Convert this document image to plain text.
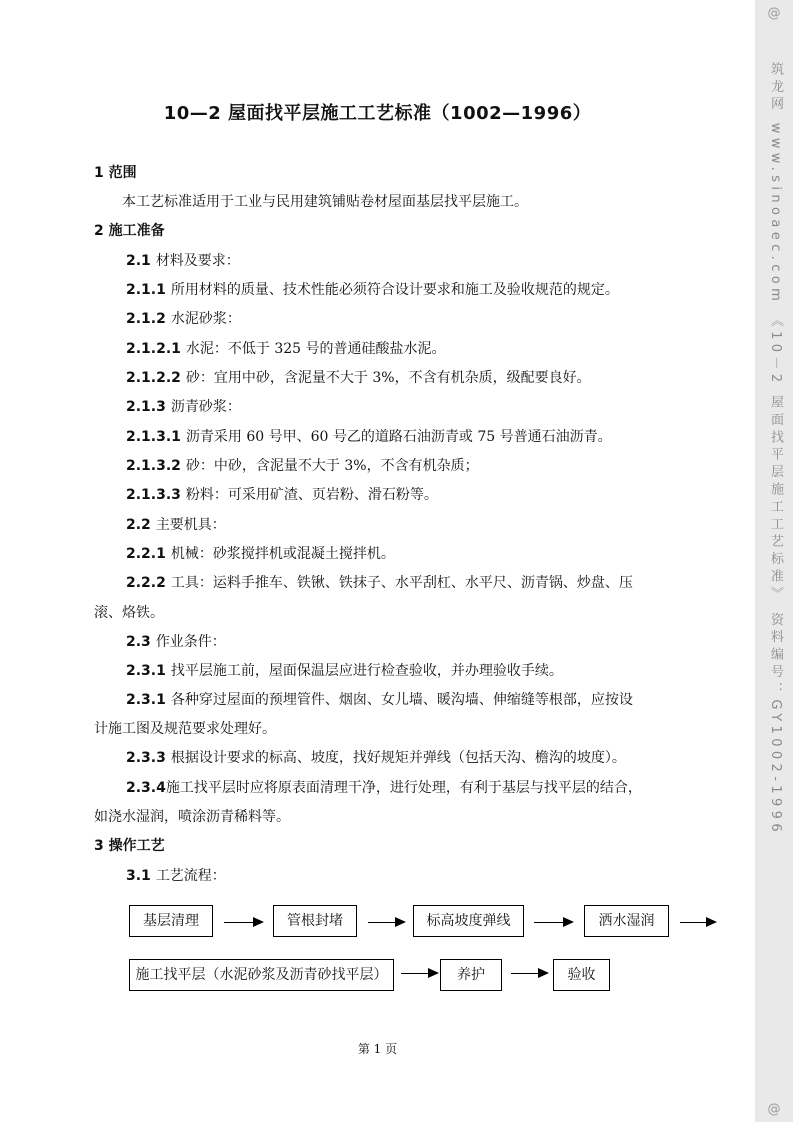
10—2 屋面找平层施工工艺标准（1002—1996）
1 范围
本工艺标准适用于工业与民用建筑铺贴卷材屋面基层找平层施工。
2 施工准备
2.1 材料及要求：
2.1.1 所用材料的质量、技术性能必须符合设计要求和施工及验收规范的规定。
2.1.2 水泥砂浆：
2.1.2.1 水泥：不低于 325 号的普通硅酸盐水泥。
2.1.2.2 砂：宜用中砂，含泥量不大于 3%，不含有机杂质，级配要良好。
2.1.3 沥青砂浆：
2.1.3.1 沥青采用 60 号甲、60 号乙的道路石油沥青或 75 号普通石油沥青。
2.1.3.2 砂：中砂，含泥量不大于 3%，不含有机杂质；
2.1.3.3 粉料：可采用矿渣、页岩粉、滑石粉等。
2.2 主要机具：
2.2.1 机械：砂浆搅拌机或混凝土搅拌机。
2.2.2 工具：运料手推车、铁锹、铁抹子、水平刮杠、水平尺、沥青锅、炒盘、压
滚、烙铁。
2.3 作业条件：
2.3.1 找平层施工前，屋面保温层应进行检查验收，并办理验收手续。
2.3.1 各种穿过屋面的预埋管件、烟囱、女儿墙、暖沟墙、伸缩缝等根部，应按设
计施工图及规范要求处理好。
2.3.3 根据设计要求的标高、坡度，找好规矩并弹线（包括天沟、檐沟的坡度）。
2.3.4施工找平层时应将原表面清理干净，进行处理，有利于基层与找平层的结合，
如浇水湿润，喷涂沥青稀料等。
3 操作工艺
3.1 工艺流程：
基层清理	管根封堵	标高坡度弹线	洒水湿润
施工找平层（水泥砂浆及沥青砂找平层）	养护	验收
第 1 页
@
筑龙网 www.sinoaec.com 《10－2 屋面找平层施工工艺标准》 资料编号：GY1002-1996
@
